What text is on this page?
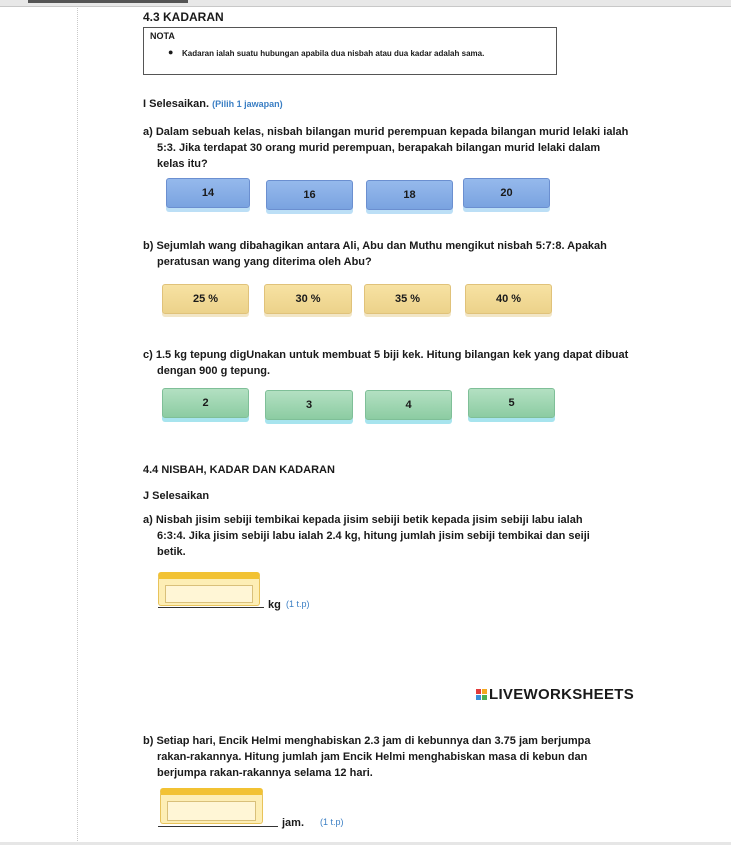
4.3 KADARAN
NOTA
● Kadaran ialah suatu hubungan apabila dua nisbah atau dua kadar adalah sama.
I Selesaikan. (Pilih 1 jawapan)
a) Dalam sebuah kelas, nisbah bilangan murid perempuan kepada bilangan murid lelaki ialah
5:3. Jika terdapat 30 orang murid perempuan, berapakah bilangan murid lelaki dalam
kelas itu?
14	16	18	20
b) Sejumlah wang dibahagikan antara Ali, Abu dan Muthu mengikut nisbah 5:7:8. Apakah
peratusan wang yang diterima oleh Abu?
25 %	30 %	35 %	40 %
c) 1.5 kg tepung digUnakan untuk membuat 5 biji kek. Hitung bilangan kek yang dapat dibuat
dengan 900 g tepung.
2	3	4	5
4.4 NISBAH, KADAR DAN KADARAN
J Selesaikan
a) Nisbah jisim sebiji tembikai kepada jisim sebiji betik kepada jisim sebiji labu ialah
6:3:4. Jika jisim sebiji labu ialah 2.4 kg, hitung jumlah jisim sebiji tembikai dan seiji
betik.
kg (1 t.p)
LIVEWORKSHEETS
b) Setiap hari, Encik Helmi menghabiskan 2.3 jam di kebunnya dan 3.75 jam berjumpa
rakan-rakannya. Hitung jumlah jam Encik Helmi menghabiskan masa di kebun dan
berjumpa rakan-rakannya selama 12 hari.
jam. (1 t.p)
